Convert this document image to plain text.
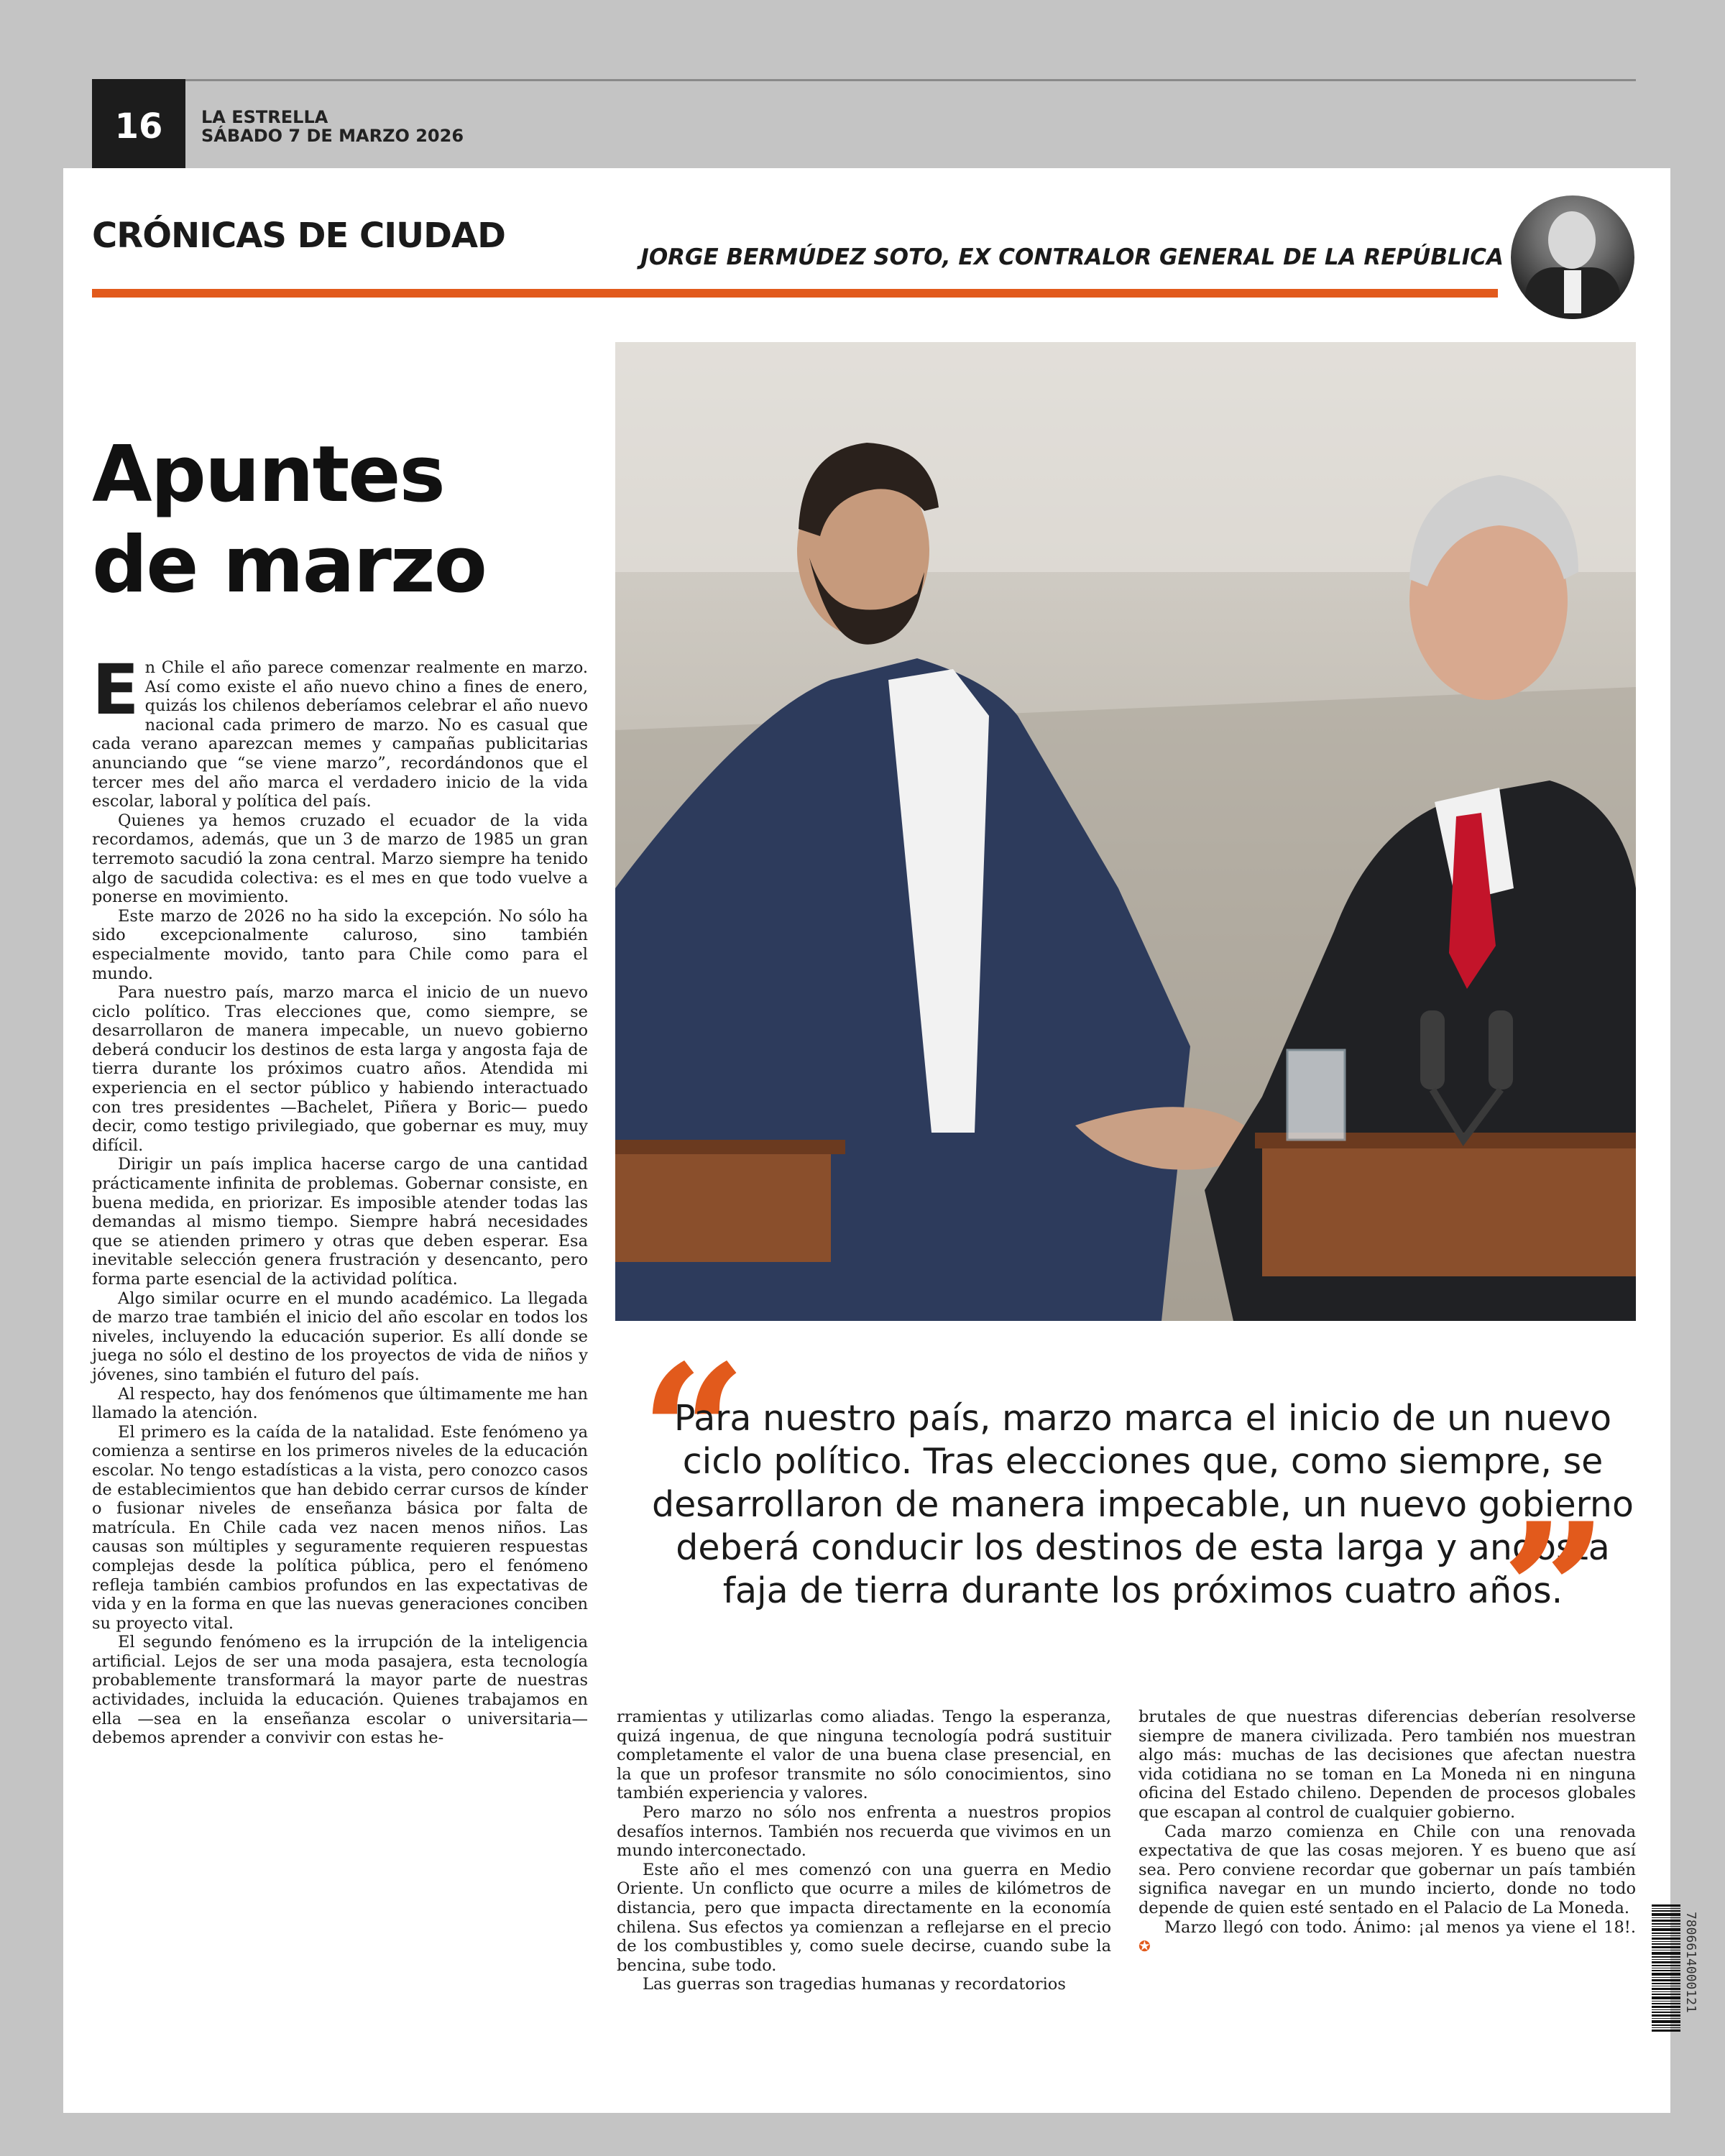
16	LA ESTRELLA
SÁBADO 7 DE MARZO 2026
CRÓNICAS DE CIUDAD
JORGE BERMÚDEZ SOTO, EX CONTRALOR GENERAL DE LA REPÚBLICA
Apuntes
de marzo

En Chile el año parece comenzar realmente en marzo. Así como existe el año nuevo chino a fines de enero, quizás los chilenos deberíamos celebrar el año nuevo nacional cada primero de marzo. No es casual que cada verano aparezcan memes y campañas publicitarias anunciando que “se viene marzo”, recordándonos que el tercer mes del año marca el verdadero inicio de la vida escolar, laboral y política del país.

Quienes ya hemos cruzado el ecuador de la vida recordamos, además, que un 3 de marzo de 1985 un gran terremoto sacudió la zona central. Marzo siempre ha tenido algo de sacudida colectiva: es el mes en que todo vuelve a ponerse en movimiento.

Este marzo de 2026 no ha sido la excepción. No sólo ha sido excepcionalmente caluroso, sino también especialmente movido, tanto para Chile como para el mundo.

Para nuestro país, marzo marca el inicio de un nuevo ciclo político. Tras elecciones que, como siempre, se desarrollaron de manera impecable, un nuevo gobierno deberá conducir los destinos de esta larga y angosta faja de tierra durante los próximos cuatro años. Atendida mi experiencia en el sector público y habiendo interactuado con tres presidentes —Bachelet, Piñera y Boric— puedo decir, como testigo privilegiado, que gobernar es muy, muy difícil.

Dirigir un país implica hacerse cargo de una cantidad prácticamente infinita de problemas. Gobernar consiste, en buena medida, en priorizar. Es imposible atender todas las demandas al mismo tiempo. Siempre habrá necesidades que se atienden primero y otras que deben esperar. Esa inevitable selección genera frustración y desencanto, pero forma parte esencial de la actividad política.

Algo similar ocurre en el mundo académico. La llegada de marzo trae también el inicio del año escolar en todos los niveles, incluyendo la educación superior. Es allí donde se juega no sólo el destino de los proyectos de vida de niños y jóvenes, sino también el futuro del país.

Al respecto, hay dos fenómenos que últimamente me han llamado la atención.

El primero es la caída de la natalidad. Este fenómeno ya comienza a sentirse en los primeros niveles de la educación escolar. No tengo estadísticas a la vista, pero conozco casos de establecimientos que han debido cerrar cursos de kínder o fusionar niveles de enseñanza básica por falta de matrícula. En Chile cada vez nacen menos niños. Las causas son múltiples y seguramente requieren respuestas complejas desde la política pública, pero el fenómeno refleja también cambios profundos en las expectativas de vida y en la forma en que las nuevas generaciones conciben su proyecto vital.

El segundo fenómeno es la irrupción de la inteligencia artificial. Lejos de ser una moda pasajera, esta tecnología probablemente transformará la mayor parte de nuestras actividades, incluida la educación. Quienes trabajamos en ella —sea en la enseñanza escolar o universitaria— debemos aprender a convivir con estas he-

“
Para nuestro país, marzo marca el inicio de un nuevo ciclo político. Tras elecciones que, como siempre, se desarrollaron de manera impecable, un nuevo gobierno deberá conducir los destinos de esta larga y angosta faja de tierra durante los próximos cuatro años.
”

rramientas y utilizarlas como aliadas. Tengo la esperanza, quizá ingenua, de que ninguna tecnología podrá sustituir completamente el valor de una buena clase presencial, en la que un profesor transmite no sólo conocimientos, sino también experiencia y valores.

Pero marzo no sólo nos enfrenta a nuestros propios desafíos internos. También nos recuerda que vivimos en un mundo interconectado.

Este año el mes comenzó con una guerra en Medio Oriente. Un conflicto que ocurre a miles de kilómetros de distancia, pero que impacta directamente en la economía chilena. Sus efectos ya comienzan a reflejarse en el precio de los combustibles y, como suele decirse, cuando sube la bencina, sube todo.

Las guerras son tragedias humanas y recordatorios

brutales de que nuestras diferencias deberían resolverse siempre de manera civilizada. Pero también nos muestran algo más: muchas de las decisiones que afectan nuestra vida cotidiana no se toman en La Moneda ni en ninguna oficina del Estado chileno. Dependen de procesos globales que escapan al control de cualquier gobierno.

Cada marzo comienza en Chile con una renovada expectativa de que las cosas mejoren. Y es bueno que así sea. Pero conviene recordar que gobernar un país también significa navegar en un mundo incierto, donde no todo depende de quien esté sentado en el Palacio de La Moneda.

Marzo llegó con todo. Ánimo: ¡al menos ya viene el 18!. ✪	7806614000121
